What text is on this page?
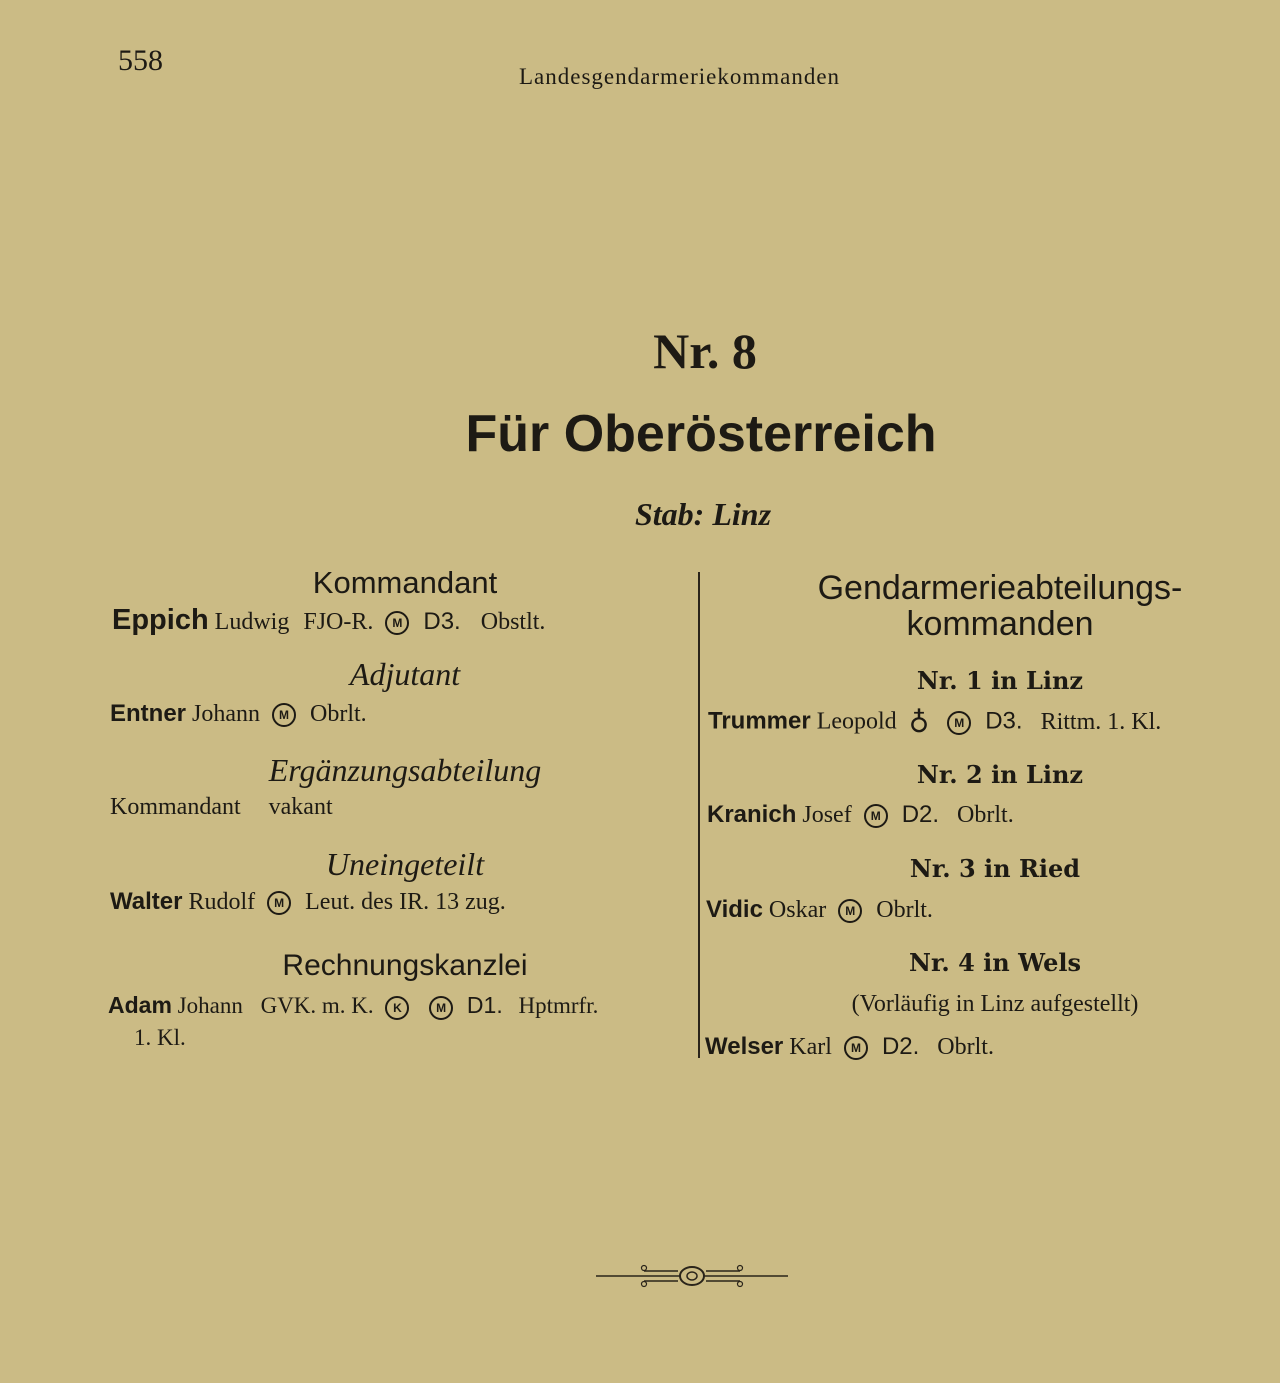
558	Landesgendarmeriekommanden
Nr. 8
Für Oberösterreich
Stab: Linz
Kommandant
Eppich Ludwig FJO-R. M D3. Obstlt.
Adjutant
Entner Johann M Obrlt.
Ergänzungsabteilung
Kommandant vakant
Uneingeteilt
Walter Rudolf M Leut. des IR. 13 zug.
Rechnungskanzlei
Adam Johann GVK. m. K. K	M D1. Hptmrfr.
1. Kl.
Gendarmerieabteilungs-
kommanden
Nr. 1 in Linz
Trummer Leopold ♁ M D3. Rittm. 1. Kl.
Nr. 2 in Linz
Kranich Josef M D2. Obrlt.
Nr. 3 in Ried
Vidic Oskar M Obrlt.
Nr. 4 in Wels
(Vorläufig in Linz aufgestellt)
Welser Karl M D2. Obrlt.
